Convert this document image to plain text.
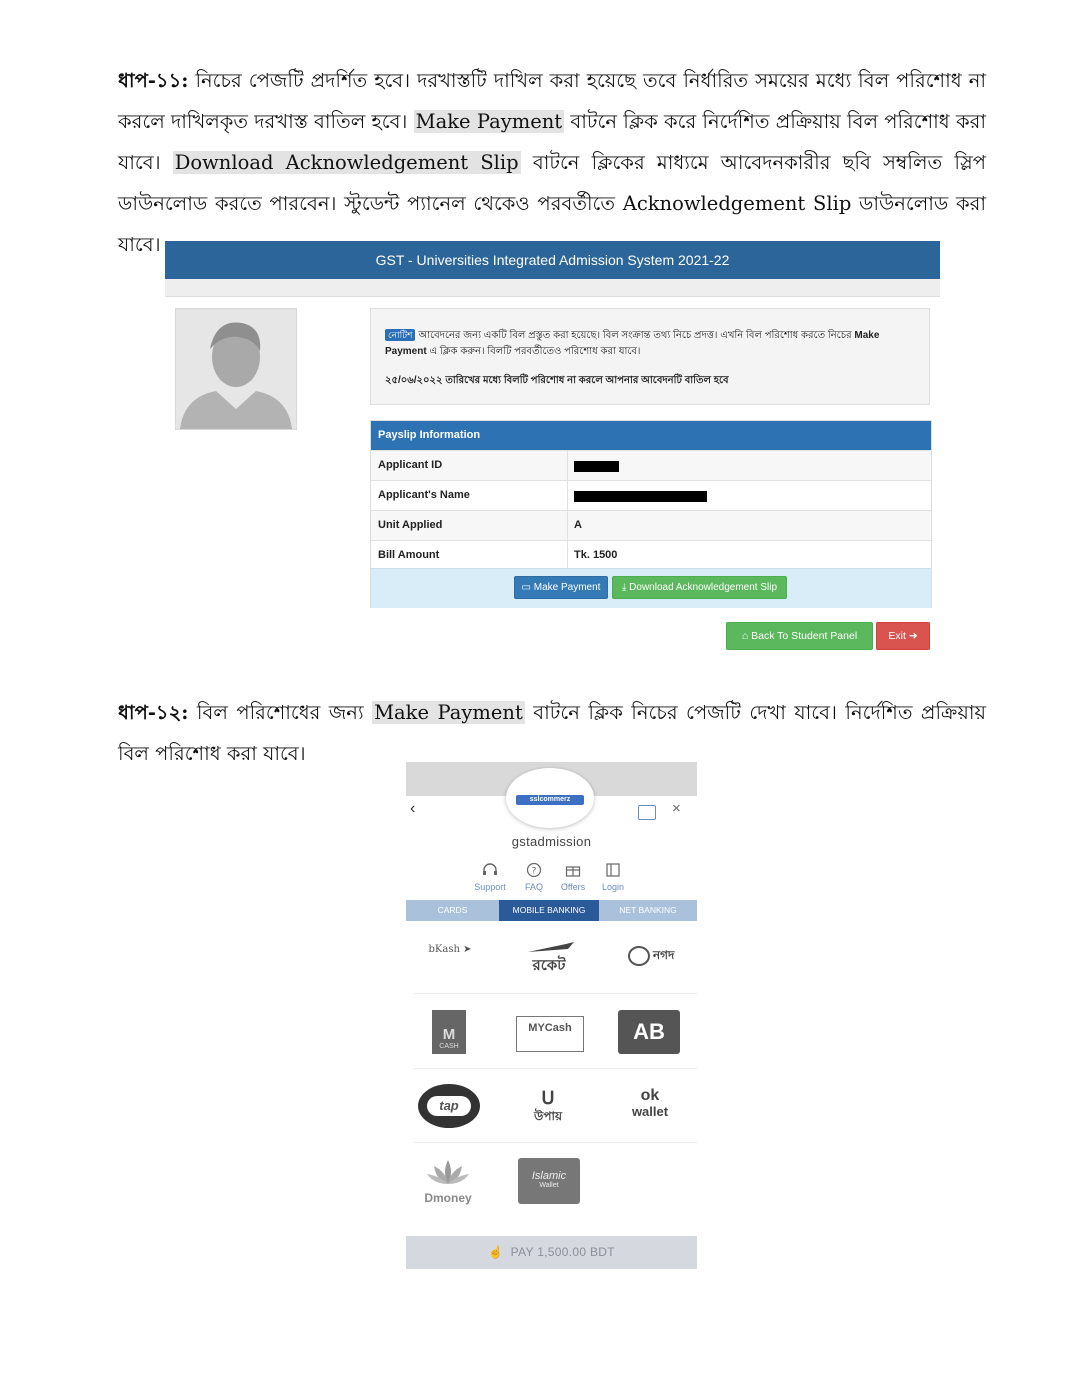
ধাপ-১১: নিচের পেজটি প্রদর্শিত হবে। দরখাস্তটি দাখিল করা হয়েছে তবে নির্ধারিত সময়ের মধ্যে বিল পরিশোধ না করলে দাখিলকৃত দরখাস্ত বাতিল হবে। Make Payment বাটনে ক্লিক করে নির্দেশিত প্রক্রিয়ায় বিল পরিশোধ করা যাবে। Download Acknowledgement Slip বাটনে ক্লিকের মাধ্যমে আবেদনকারীর ছবি সম্বলিত স্লিপ ডাউনলোড করতে পারবেন। স্টুডেন্ট প্যানেল থেকেও পরবর্তীতে Acknowledgement Slip ডাউনলোড করা যাবে।
GST - Universities Integrated Admission System 2021-22
নোটিশ আবেদনের জন্য একটি বিল প্রস্তুত করা হয়েছে। বিল সংক্রান্ত তথ্য নিচে প্রদত্ত। এখনি বিল পরিশোধ করতে নিচের Make Payment এ ক্লিক করুন। বিলটি পরবর্তীতেও পরিশোধ করা যাবে।
২৫/০৬/২০২২ তারিখের মধ্যে বিলটি পরিশোধ না করলে আপনার আবেদনটি বাতিল হবে
Payslip Information
Applicant ID
Applicant's Name
Unit Applied	A
Bill Amount	Tk. 1500
▭ Make Payment	⤓ Download Acknowledgement Slip
⌂ Back To Student Panel	Exit ➜
ধাপ-১২: বিল পরিশোধের জন্য Make Payment বাটনে ক্লিক নিচের পেজটি দেখা যাবে। নির্দেশিত প্রক্রিয়ায় বিল পরিশোধ করা যাবে।
‹
sslcommerz
×
gstadmission
Support
?
FAQ	Offers	Login
CARDS	MOBILE BANKING	NET BANKING
bKash ➤
রকেট
নগদ
M
CASH
MYCash	AB
tap	ᑌ
উপায়
ok
wallet
Dmoney
Islamic
Wallet
☝ PAY 1,500.00 BDT
